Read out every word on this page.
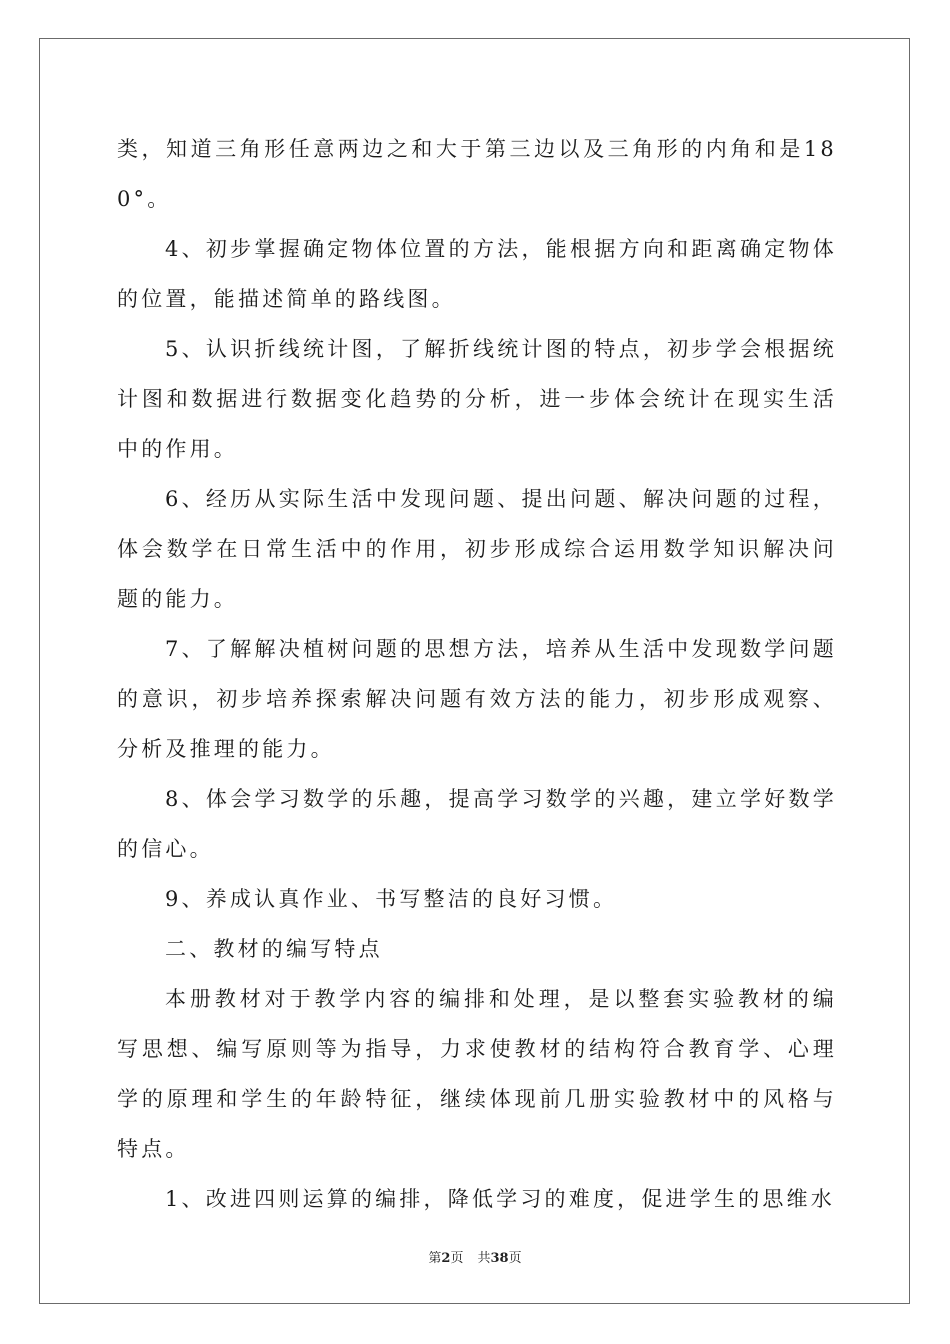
类，知道三角形任意两边之和大于第三边以及三角形的内角和是180°。

4、初步掌握确定物体位置的方法，能根据方向和距离确定物体的位置，能描述简单的路线图。

5、认识折线统计图，了解折线统计图的特点，初步学会根据统计图和数据进行数据变化趋势的分析，进一步体会统计在现实生活中的作用。

6、经历从实际生活中发现问题、提出问题、解决问题的过程，体会数学在日常生活中的作用，初步形成综合运用数学知识解决问题的能力。

7、了解解决植树问题的思想方法，培养从生活中发现数学问题的意识，初步培养探索解决问题有效方法的能力，初步形成观察、分析及推理的能力。

8、体会学习数学的乐趣，提高学习数学的兴趣，建立学好数学的信心。

9、养成认真作业、书写整洁的良好习惯。

二、教材的编写特点

本册教材对于教学内容的编排和处理，是以整套实验教材的编写思想、编写原则等为指导，力求使教材的结构符合教育学、心理学的原理和学生的年龄特征，继续体现前几册实验教材中的风格与特点。

1、改进四则运算的编排，降低学习的难度，促进学生的思维水

第2页 共38页
